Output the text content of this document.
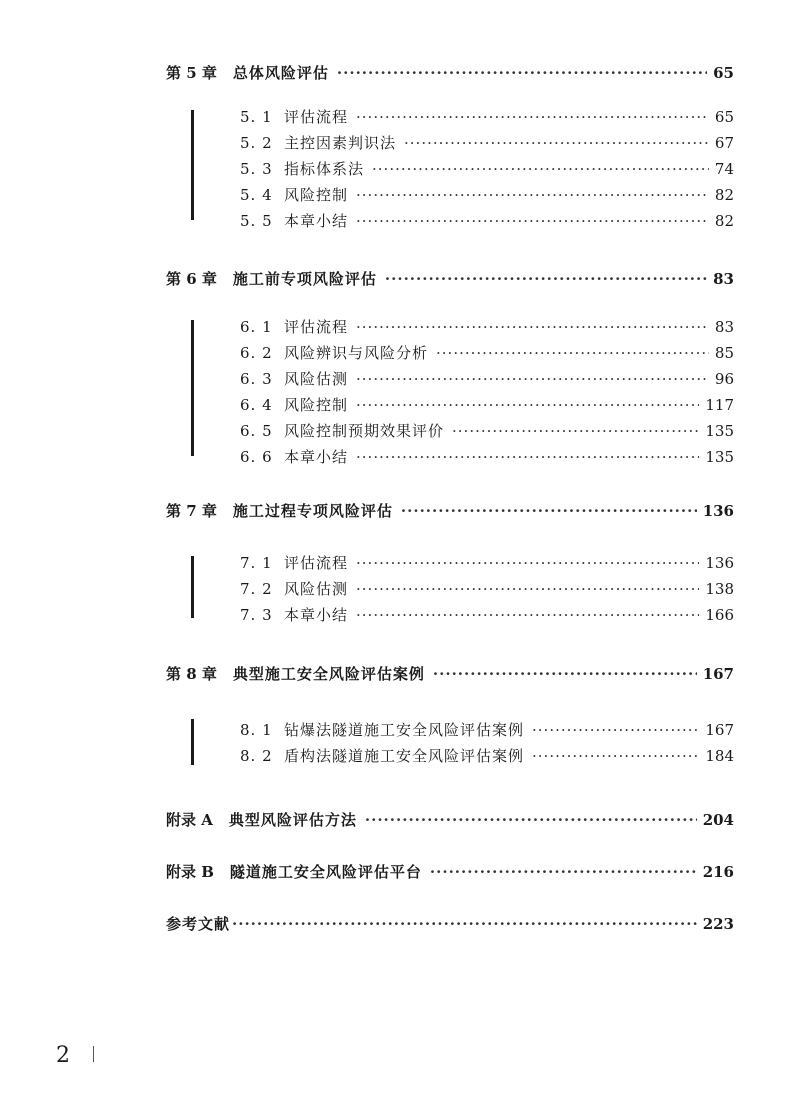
第 5 章 总体风险评估 ·····	65
5. 1 评估流程 ·····	65
5. 2 主控因素判识法 ·····	67
5. 3 指标体系法 ·····	74
5. 4 风险控制 ·····	82
5. 5 本章小结 ·····	82
第 6 章 施工前专项风险评估 ·····	83
6. 1 评估流程 ·····	83
6. 2 风险辨识与风险分析 ·····	85
6. 3 风险估测 ·····	96
6. 4 风险控制 ·····	117
6. 5 风险控制预期效果评价 ·····	135
6. 6 本章小结 ·····	135
第 7 章 施工过程专项风险评估 ·····	136
7. 1 评估流程 ·····	136
7. 2 风险估测 ·····	138
7. 3 本章小结 ·····	166
第 8 章 典型施工安全风险评估案例 ·····	167
8. 1 钻爆法隧道施工安全风险评估案例 ·····	167
8. 2 盾构法隧道施工安全风险评估案例 ·····	184
附录 A 典型风险评估方法 ·····	204
附录 B 隧道施工安全风险评估平台 ·····	216
参考文献 ·····	223
2
